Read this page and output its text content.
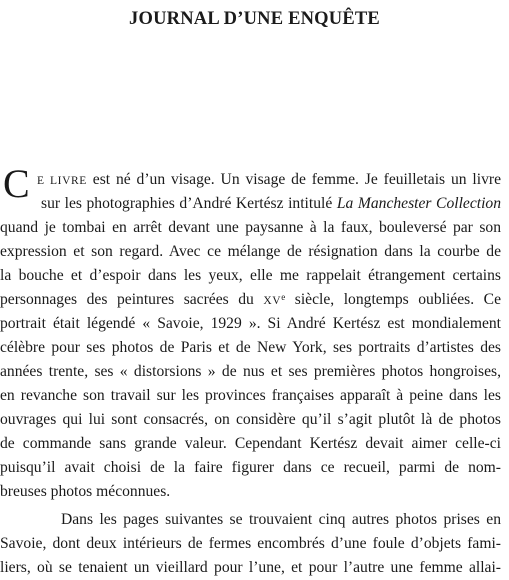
JOURNAL D’UNE ENQUÊTE
C E LIVRE est né d’un visage. Un visage de femme. Je feuilletais un livre
sur les photographies d’André Kertész intitulé La Manchester Collection
quand je tombai en arrêt devant une paysanne à la faux, bouleversé par son
expression et son regard. Avec ce mélange de résignation dans la courbe de
la bouche et d’espoir dans les yeux, elle me rappelait étrangement certains
personnages des peintures sacrées du XVe siècle, longtemps oubliées. Ce
portrait était légendé « Savoie, 1929 ». Si André Kertész est mondialement
célèbre pour ses photos de Paris et de New York, ses portraits d’artistes des
années trente, ses « distorsions » de nus et ses premières photos hongroises,
en revanche son travail sur les provinces françaises apparaît à peine dans les
ouvrages qui lui sont consacrés, on considère qu’il s’agit plutôt là de photos
de commande sans grande valeur. Cependant Kertész devait aimer celle-ci
puisqu’il avait choisi de la faire figurer dans ce recueil, parmi de nom-
breuses photos méconnues.
Dans les pages suivantes se trouvaient cinq autres photos prises en
Savoie, dont deux intérieurs de fermes encombrés d’une foule d’objets fami-
liers, où se tenaient un vieillard pour l’une, et pour l’autre une femme allai-
